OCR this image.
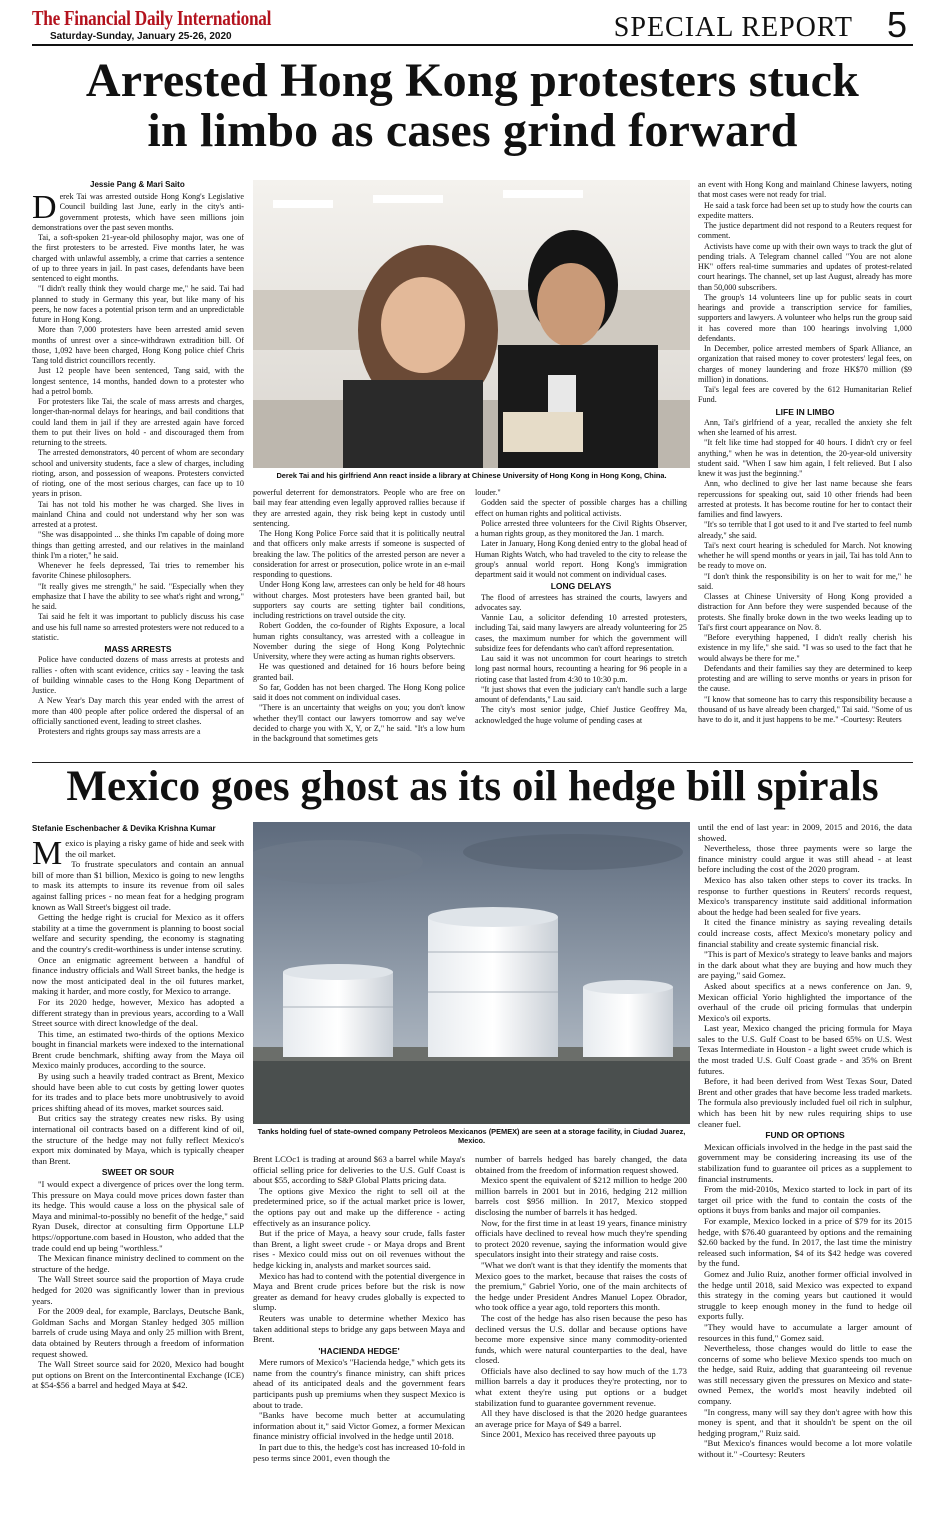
The Financial Daily International
Saturday-Sunday, January 25-26, 2020	SPECIAL REPORT 5
Arrested Hong Kong protesters stuck
in limbo as cases grind forward
Jessie Pang & Mari Saito

Derek Tai was arrested outside Hong Kong's Legislative Council building last June, early in the city's anti-government protests, which have seen millions join demonstrations over the past seven months.

Tai, a soft-spoken 21-year-old philosophy major, was one of the first protesters to be arrested. Five months later, he was charged with unlawful assembly, a crime that carries a sentence of up to three years in jail. In past cases, defendants have been sentenced to eight months.

"I didn't really think they would charge me," he said. Tai had planned to study in Germany this year, but like many of his peers, he now faces a potential prison term and an unpredictable future in Hong Kong.

More than 7,000 protesters have been arrested amid seven months of unrest over a since-withdrawn extradition bill. Of those, 1,092 have been charged, Hong Kong police chief Chris Tang told district councillors recently.

Just 12 people have been sentenced, Tang said, with the longest sentence, 14 months, handed down to a protester who had a petrol bomb.

For protesters like Tai, the scale of mass arrests and charges, longer-than-normal delays for hearings, and bail conditions that could land them in jail if they are arrested again have forced them to put their lives on hold - and discouraged them from returning to the streets.

The arrested demonstrators, 40 percent of whom are secondary school and university students, face a slew of charges, including rioting, arson, and possession of weapons. Protesters convicted of rioting, one of the most serious charges, can face up to 10 years in prison.

Tai has not told his mother he was charged. She lives in mainland China and could not understand why her son was arrested at a protest.

"She was disappointed ... she thinks I'm capable of doing more things than getting arrested, and our relatives in the mainland think I'm a rioter," he said.

Whenever he feels depressed, Tai tries to remember his favorite Chinese philosophers.

"It really gives me strength," he said. "Especially when they emphasize that I have the ability to see what's right and wrong," he said.

Tai said he felt it was important to publicly discuss his case and use his full name so arrested protesters were not reduced to a statistic.

MASS ARRESTS

Police have conducted dozens of mass arrests at protests and rallies - often with scant evidence, critics say - leaving the task of building winnable cases to the Hong Kong Department of Justice.

A New Year's Day march this year ended with the arrest of more than 400 people after police ordered the dispersal of an officially sanctioned event, leading to street clashes.

Protesters and rights groups say mass arrests are a

Derek Tai and his girlfriend Ann react inside a library at Chinese University of Hong Kong in Hong Kong, China.

powerful deterrent for demonstrators. People who are free on bail may fear attending even legally approved rallies because if they are arrested again, they risk being kept in custody until sentencing.

The Hong Kong Police Force said that it is politically neutral and that officers only make arrests if someone is suspected of breaking the law. The politics of the arrested person are never a consideration for arrest or prosecution, police wrote in an e-mail responding to questions.

Under Hong Kong law, arrestees can only be held for 48 hours without charges. Most protesters have been granted bail, but supporters say courts are setting tighter bail conditions, including restrictions on travel outside the city.

Robert Godden, the co-founder of Rights Exposure, a local human rights consultancy, was arrested with a colleague in November during the siege of Hong Kong Polytechnic University, where they were acting as human rights observers.

He was questioned and detained for 16 hours before being granted bail.

So far, Godden has not been charged. The Hong Kong police said it does not comment on individual cases.

"There is an uncertainty that weighs on you; you don't know whether they'll contact our lawyers tomorrow and say we've decided to charge you with X, Y, or Z," he said. "It's a low hum in the background that sometimes gets

louder."

Godden said the specter of possible charges has a chilling effect on human rights and political activists.

Police arrested three volunteers for the Civil Rights Observer, a human rights group, as they monitored the Jan. 1 march.

Later in January, Hong Kong denied entry to the global head of Human Rights Watch, who had traveled to the city to release the group's annual world report. Hong Kong's immigration department said it would not comment on individual cases.

LONG DELAYS

The flood of arrestees has strained the courts, lawyers and advocates say.

Vannie Lau, a solicitor defending 10 arrested protesters, including Tai, said many lawyers are already volunteering for 25 cases, the maximum number for which the government will subsidize fees for defendants who can't afford representation.

Lau said it was not uncommon for court hearings to stretch long past normal hours, recounting a hearing for 96 people in a rioting case that lasted from 4:30 to 10:30 p.m.

"It just shows that even the judiciary can't handle such a large amount of defendants," Lau said.

The city's most senior judge, Chief Justice Geoffrey Ma, acknowledged the huge volume of pending cases at

an event with Hong Kong and mainland Chinese lawyers, noting that most cases were not ready for trial.

He said a task force had been set up to study how the courts can expedite matters.

The justice department did not respond to a Reuters request for comment.

Activists have come up with their own ways to track the glut of pending trials. A Telegram channel called "You are not alone HK" offers real-time summaries and updates of protest-related court hearings. The channel, set up last August, already has more than 50,000 subscribers.

The group's 14 volunteers line up for public seats in court hearings and provide a transcription service for families, supporters and lawyers. A volunteer who helps run the group said it has covered more than 100 hearings involving 1,000 defendants.

In December, police arrested members of Spark Alliance, an organization that raised money to cover protesters' legal fees, on charges of money laundering and froze HK$70 million ($9 million) in donations.

Tai's legal fees are covered by the 612 Humanitarian Relief Fund.

LIFE IN LIMBO

Ann, Tai's girlfriend of a year, recalled the anxiety she felt when she learned of his arrest.

"It felt like time had stopped for 40 hours. I didn't cry or feel anything," when he was in detention, the 20-year-old university student said. "When I saw him again, I felt relieved. But I also knew it was just the beginning."

Ann, who declined to give her last name because she fears repercussions for speaking out, said 10 other friends had been arrested at protests. It has become routine for her to contact their families and find lawyers.

"It's so terrible that I got used to it and I've started to feel numb already," she said.

Tai's next court hearing is scheduled for March. Not knowing whether he will spend months or years in jail, Tai has told Ann to be ready to move on.

"I don't think the responsibility is on her to wait for me," he said.

Classes at Chinese University of Hong Kong provided a distraction for Ann before they were suspended because of the protests. She finally broke down in the two weeks leading up to Tai's first court appearance on Nov. 8.

"Before everything happened, I didn't really cherish his existence in my life," she said. "I was so used to the fact that he would always be there for me."

Defendants and their families say they are determined to keep protesting and are willing to serve months or years in prison for the cause.

"I know that someone has to carry this responsibility because a thousand of us have already been charged," Tai said. "Some of us have to do it, and it just happens to be me." -Courtesy: Reuters

Mexico goes ghost as its oil hedge bill spirals
Stefanie Eschenbacher & Devika Krishna Kumar

Mexico is playing a risky game of hide and seek with the oil market.

To frustrate speculators and contain an annual bill of more than $1 billion, Mexico is going to new lengths to mask its attempts to insure its revenue from oil sales against falling prices - no mean feat for a hedging program known as Wall Street's biggest oil trade.

Getting the hedge right is crucial for Mexico as it offers stability at a time the government is planning to boost social welfare and security spending, the economy is stagnating and the country's credit-worthiness is under intense scrutiny.

Once an enigmatic agreement between a handful of finance industry officials and Wall Street banks, the hedge is now the most anticipated deal in the oil futures market, making it harder, and more costly, for Mexico to arrange.

For its 2020 hedge, however, Mexico has adopted a different strategy than in previous years, according to a Wall Street source with direct knowledge of the deal.

This time, an estimated two-thirds of the options Mexico bought in financial markets were indexed to the international Brent crude benchmark, shifting away from the Maya oil Mexico mainly produces, according to the source.

By using such a heavily traded contract as Brent, Mexico should have been able to cut costs by getting lower quotes for its trades and to place bets more unobtrusively to avoid prices shifting ahead of its moves, market sources said.

But critics say the strategy creates new risks. By using international oil contracts based on a different kind of oil, the structure of the hedge may not fully reflect Mexico's export mix dominated by Maya, which is typically cheaper than Brent.

SWEET OR SOUR

"I would expect a divergence of prices over the long term. This pressure on Maya could move prices down faster than its hedge. This would cause a loss on the physical sale of Maya and minimal-to-possibly no benefit of the hedge," said Ryan Dusek, director at consulting firm Opportune LLP https://opportune.com based in Houston, who added that the trade could end up being "worthless."

The Mexican finance ministry declined to comment on the structure of the hedge.

The Wall Street source said the proportion of Maya crude hedged for 2020 was significantly lower than in previous years.

For the 2009 deal, for example, Barclays, Deutsche Bank, Goldman Sachs and Morgan Stanley hedged 305 million barrels of crude using Maya and only 25 million with Brent, data obtained by Reuters through a freedom of information request showed.

The Wall Street source said for 2020, Mexico had bought put options on Brent on the Intercontinental Exchange (ICE) at $54-$56 a barrel and hedged Maya at $42.

Tanks holding fuel of state-owned company Petroleos Mexicanos (PEMEX) are seen at a storage facility, in Ciudad Juarez, Mexico.

Brent LCOc1 is trading at around $63 a barrel while Maya's official selling price for deliveries to the U.S. Gulf Coast is about $55, according to S&P Global Platts pricing data.

The options give Mexico the right to sell oil at the predetermined price, so if the actual market price is lower, the options pay out and make up the difference - acting effectively as an insurance policy.

But if the price of Maya, a heavy sour crude, falls faster than Brent, a light sweet crude - or Maya drops and Brent rises - Mexico could miss out on oil revenues without the hedge kicking in, analysts and market sources said.

Mexico has had to contend with the potential divergence in Maya and Brent crude prices before but the risk is now greater as demand for heavy crudes globally is expected to slump.

Reuters was unable to determine whether Mexico has taken additional steps to bridge any gaps between Maya and Brent.

'HACIENDA HEDGE'

Mere rumors of Mexico's "Hacienda hedge," which gets its name from the country's finance ministry, can shift prices ahead of its anticipated deals and the government fears participants push up premiums when they suspect Mexico is about to trade.

"Banks have become much better at accumulating information about it," said Victor Gomez, a former Mexican finance ministry official involved in the hedge until 2018.

In part due to this, the hedge's cost has increased 10-fold in peso terms since 2001, even though the

number of barrels hedged has barely changed, the data obtained from the freedom of information request showed.

Mexico spent the equivalent of $212 million to hedge 200 million barrels in 2001 but in 2016, hedging 212 million barrels cost $956 million. In 2017, Mexico stopped disclosing the number of barrels it has hedged.

Now, for the first time in at least 19 years, finance ministry officials have declined to reveal how much they're spending to protect 2020 revenue, saying the information would give speculators insight into their strategy and raise costs.

"What we don't want is that they identify the moments that Mexico goes to the market, because that raises the costs of the premium," Gabriel Yorio, one of the main architects of the hedge under President Andres Manuel Lopez Obrador, who took office a year ago, told reporters this month.

The cost of the hedge has also risen because the peso has declined versus the U.S. dollar and because options have become more expensive since many commodity-oriented funds, which were natural counterparties to the deal, have closed.

Officials have also declined to say how much of the 1.73 million barrels a day it produces they're protecting, nor to what extent they're using put options or a budget stabilization fund to guarantee government revenue.

All they have disclosed is that the 2020 hedge guarantees an average price for Maya of $49 a barrel.

Since 2001, Mexico has received three payouts up

until the end of last year: in 2009, 2015 and 2016, the data showed.

Nevertheless, those three payments were so large the finance ministry could argue it was still ahead - at least before including the cost of the 2020 program.

Mexico has also taken other steps to cover its tracks. In response to further questions in Reuters' records request, Mexico's transparency institute said additional information about the hedge had been sealed for five years.

It cited the finance ministry as saying revealing details could increase costs, affect Mexico's monetary policy and financial stability and create systemic financial risk.

"This is part of Mexico's strategy to leave banks and majors in the dark about what they are buying and how much they are paying," said Gomez.

Asked about specifics at a news conference on Jan. 9, Mexican official Yorio highlighted the importance of the overhaul of the crude oil pricing formulas that underpin Mexico's oil exports.

Last year, Mexico changed the pricing formula for Maya sales to the U.S. Gulf Coast to be based 65% on U.S. West Texas Intermediate in Houston - a light sweet crude which is the most traded U.S. Gulf Coast grade - and 35% on Brent futures.

Before, it had been derived from West Texas Sour, Dated Brent and other grades that have become less traded markets. The formula also previously included fuel oil rich in sulphur, which has been hit by new rules requiring ships to use cleaner fuel.

FUND OR OPTIONS

Mexican officials involved in the hedge in the past said the government may be considering increasing its use of the stabilization fund to guarantee oil prices as a supplement to financial instruments.

From the mid-2010s, Mexico started to lock in part of its target oil price with the fund to contain the costs of the options it buys from banks and major oil companies.

For example, Mexico locked in a price of $79 for its 2015 hedge, with $76.40 guaranteed by options and the remaining $2.60 backed by the fund. In 2017, the last time the ministry released such information, $4 of its $42 hedge was covered by the fund.

Gomez and Julio Ruiz, another former official involved in the hedge until 2018, said Mexico was expected to expand this strategy in the coming years but cautioned it would struggle to keep enough money in the fund to hedge oil exports fully.

"They would have to accumulate a larger amount of resources in this fund," Gomez said.

Nevertheless, those changes would do little to ease the concerns of some who believe Mexico spends too much on the hedge, said Ruiz, adding that guaranteeing oil revenue was still necessary given the pressures on Mexico and state-owned Pemex, the world's most heavily indebted oil company.

"In congress, many will say they don't agree with how this money is spent, and that it shouldn't be spent on the oil hedging program," Ruiz said.

"But Mexico's finances would become a lot more volatile without it." -Courtesy: Reuters
